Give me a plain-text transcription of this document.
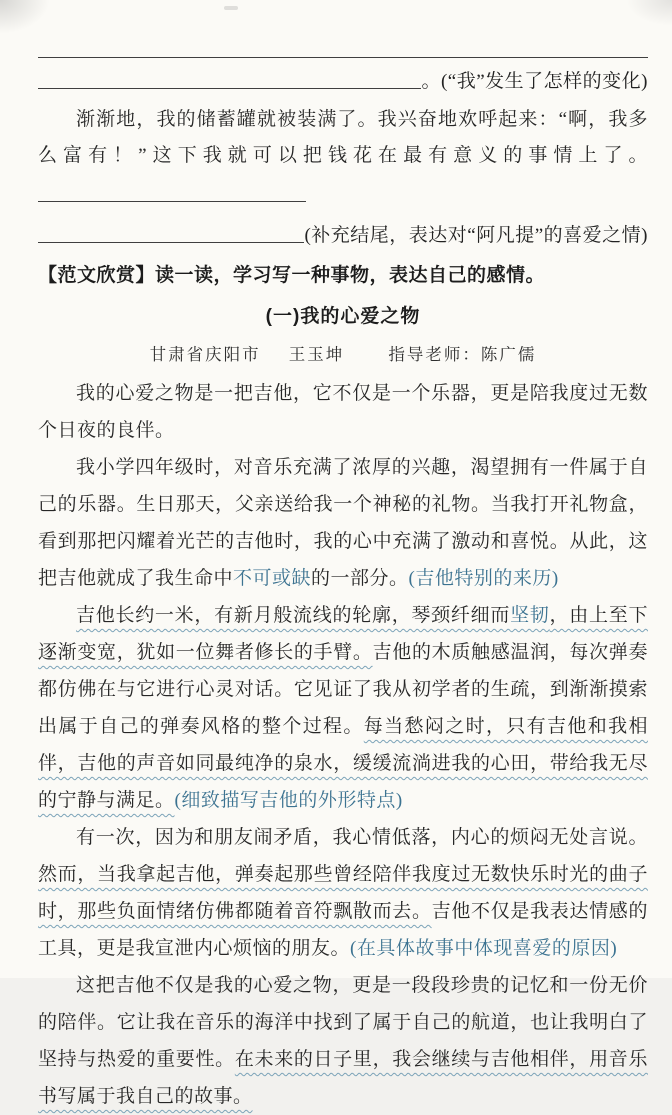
。(“我”发生了怎样的变化)

渐渐地，我的储蓄罐就被装满了。我兴奋地欢呼起来：“啊，我多么富有！”这下我就可以把钱花在最有意义的事情上了。

(补充结尾，表达对“阿凡提”的喜爱之情)
【范文欣赏】读一读，学习写一种事物，表达自己的感情。
(一)我的心爱之物
甘肃省庆阳市 王玉坤	指导老师：陈广儒

我的心爱之物是一把吉他，它不仅是一个乐器，更是陪我度过无数个日夜的良伴。

我小学四年级时，对音乐充满了浓厚的兴趣，渴望拥有一件属于自己的乐器。生日那天，父亲送给我一个神秘的礼物。当我打开礼物盒，看到那把闪耀着光芒的吉他时，我的心中充满了激动和喜悦。从此，这把吉他就成了我生命中不可或缺的一部分。(吉他特别的来历)

吉他长约一米，有新月般流线的轮廓，琴颈纤细而坚韧，由上至下逐渐变宽，犹如一位舞者修长的手臂。吉他的木质触感温润，每次弹奏都仿佛在与它进行心灵对话。它见证了我从初学者的生疏，到渐渐摸索出属于自己的弹奏风格的整个过程。每当愁闷之时，只有吉他和我相伴，吉他的声音如同最纯净的泉水，缓缓流淌进我的心田，带给我无尽的宁静与满足。(细致描写吉他的外形特点)

有一次，因为和朋友闹矛盾，我心情低落，内心的烦闷无处言说。然而，当我拿起吉他，弹奏起那些曾经陪伴我度过无数快乐时光的曲子时，那些负面情绪仿佛都随着音符飘散而去。吉他不仅是我表达情感的工具，更是我宣泄内心烦恼的朋友。(在具体故事中体现喜爱的原因)

这把吉他不仅是我的心爱之物，更是一段段珍贵的记忆和一份无价的陪伴。它让我在音乐的海洋中找到了属于自己的航道，也让我明白了坚持与热爱的重要性。在未来的日子里，我会继续与吉他相伴，用音乐书写属于我自己的故事。
